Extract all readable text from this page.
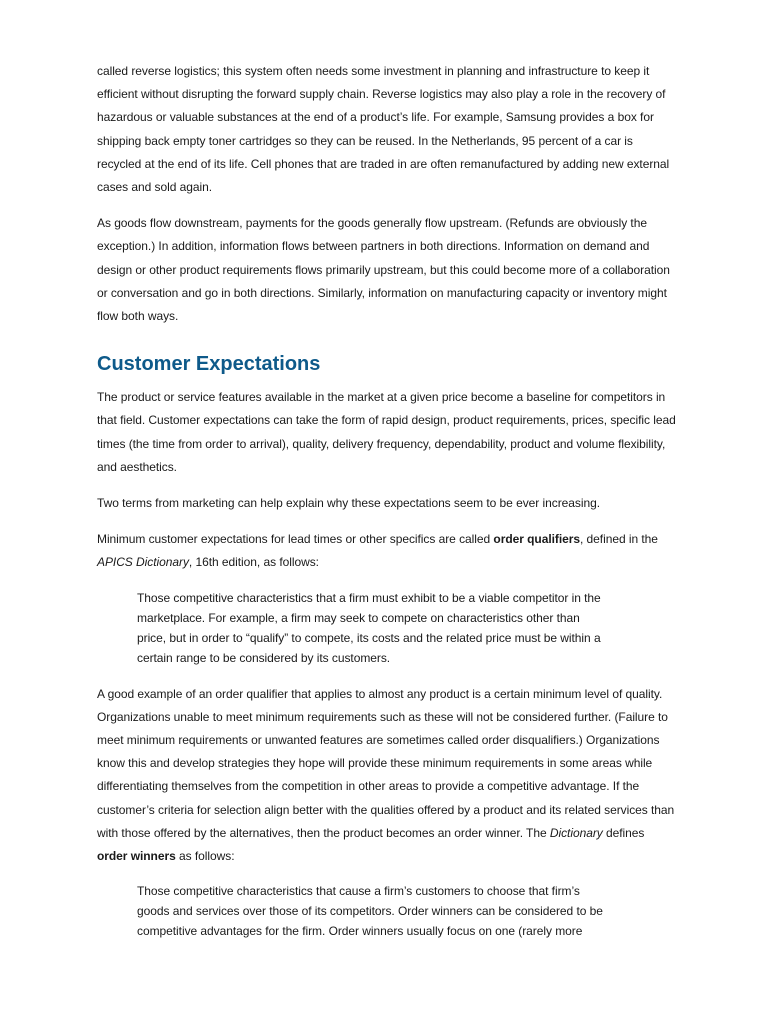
called reverse logistics; this system often needs some investment in planning and infrastructure to keep it efficient without disrupting the forward supply chain. Reverse logistics may also play a role in the recovery of hazardous or valuable substances at the end of a product’s life. For example, Samsung provides a box for shipping back empty toner cartridges so they can be reused. In the Netherlands, 95 percent of a car is recycled at the end of its life. Cell phones that are traded in are often remanufactured by adding new external cases and sold again.

As goods flow downstream, payments for the goods generally flow upstream. (Refunds are obviously the exception.) In addition, information flows between partners in both directions. Information on demand and design or other product requirements flows primarily upstream, but this could become more of a collaboration or conversation and go in both directions. Similarly, information on manufacturing capacity or inventory might flow both ways.

Customer Expectations

The product or service features available in the market at a given price become a baseline for competitors in that field. Customer expectations can take the form of rapid design, product requirements, prices, specific lead times (the time from order to arrival), quality, delivery frequency, dependability, product and volume flexibility, and aesthetics.

Two terms from marketing can help explain why these expectations seem to be ever increasing.

Minimum customer expectations for lead times or other specifics are called order qualifiers, defined in the APICS Dictionary, 16th edition, as follows:

Those competitive characteristics that a firm must exhibit to be a viable competitor in the
marketplace. For example, a firm may seek to compete on characteristics other than
price, but in order to “qualify” to compete, its costs and the related price must be within a
certain range to be considered by its customers.

A good example of an order qualifier that applies to almost any product is a certain minimum level of quality. Organizations unable to meet minimum requirements such as these will not be considered further. (Failure to meet minimum requirements or unwanted features are sometimes called order disqualifiers.) Organizations know this and develop strategies they hope will provide these minimum requirements in some areas while differentiating themselves from the competition in other areas to provide a competitive advantage. If the customer’s criteria for selection align better with the qualities offered by a product and its related services than with those offered by the alternatives, then the product becomes an order winner. The Dictionary defines order winners as follows:

Those competitive characteristics that cause a firm’s customers to choose that firm’s
goods and services over those of its competitors. Order winners can be considered to be
competitive advantages for the firm. Order winners usually focus on one (rarely more
